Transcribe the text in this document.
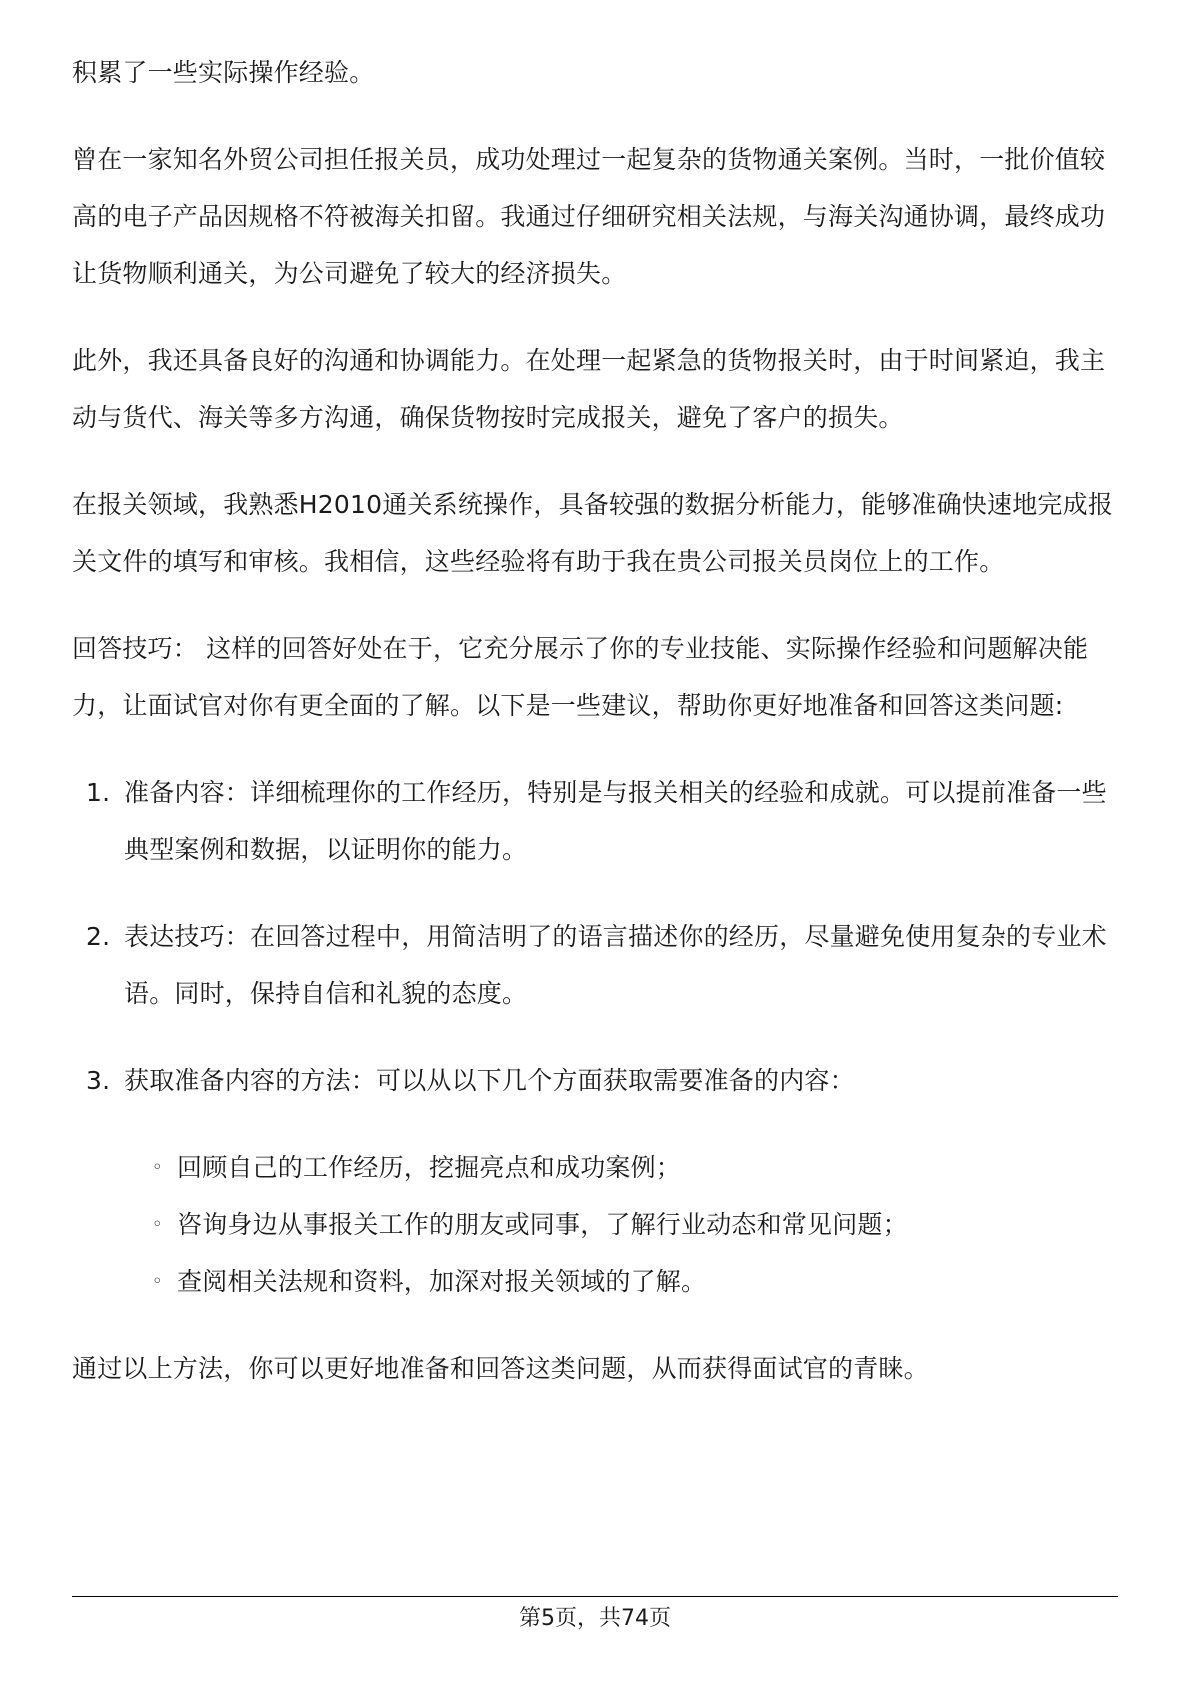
积累了一些实际操作经验。

曾在一家知名外贸公司担任报关员，成功处理过一起复杂的货物通关案例。当时，一批价值较高的电子产品因规格不符被海关扣留。我通过仔细研究相关法规，与海关沟通协调，最终成功让货物顺利通关，为公司避免了较大的经济损失。

此外，我还具备良好的沟通和协调能力。在处理一起紧急的货物报关时，由于时间紧迫，我主动与货代、海关等多方沟通，确保货物按时完成报关，避免了客户的损失。

在报关领域，我熟悉H2010通关系统操作，具备较强的数据分析能力，能够准确快速地完成报关文件的填写和审核。我相信，这些经验将有助于我在贵公司报关员岗位上的工作。

回答技巧： 这样的回答好处在于，它充分展示了你的专业技能、实际操作经验和问题解决能力，让面试官对你有更全面的了解。以下是一些建议，帮助你更好地准备和回答这类问题:

1. 准备内容：详细梳理你的工作经历，特别是与报关相关的经验和成就。可以提前准备一些典型案例和数据，以证明你的能力。
2. 表达技巧：在回答过程中，用简洁明了的语言描述你的经历，尽量避免使用复杂的专业术语。同时，保持自信和礼貌的态度。
3. 获取准备内容的方法：可以从以下几个方面获取需要准备的内容：
◦ 回顾自己的工作经历，挖掘亮点和成功案例；
◦ 咨询身边从事报关工作的朋友或同事，了解行业动态和常见问题；
◦ 查阅相关法规和资料，加深对报关领域的了解。

通过以上方法，你可以更好地准备和回答这类问题，从而获得面试官的青睐。

第5页，共74页
